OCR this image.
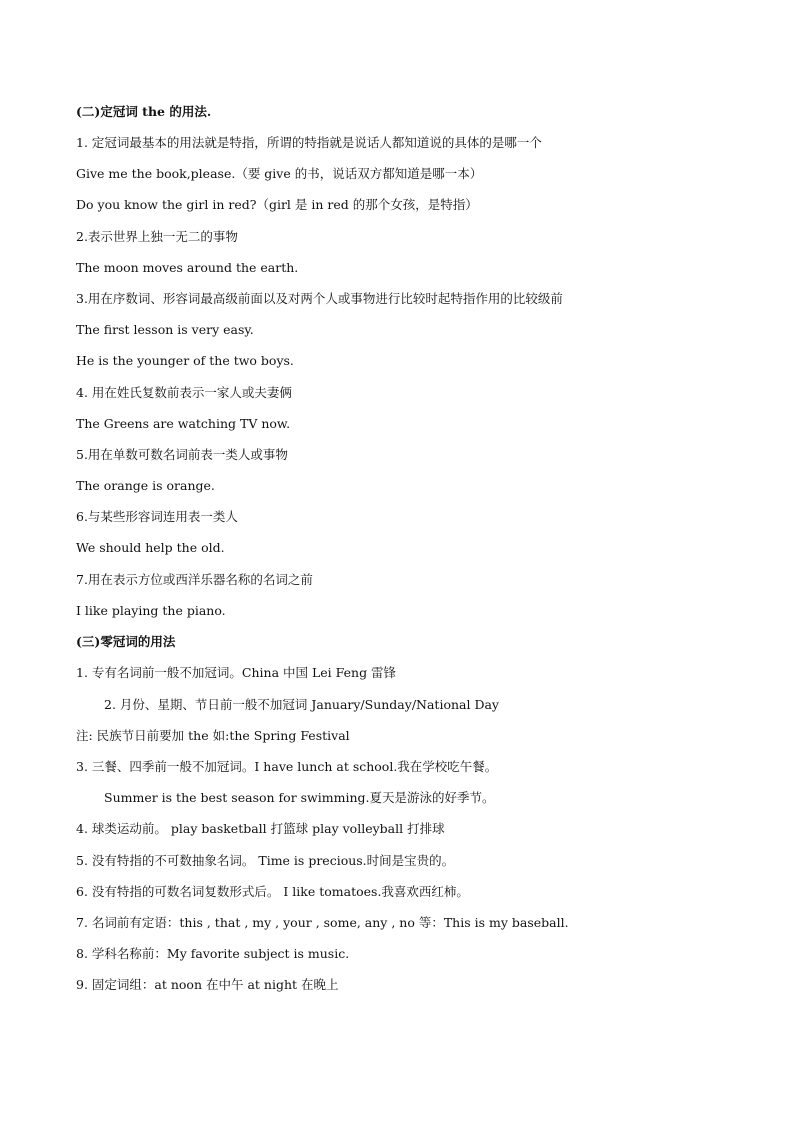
(二)定冠词 the 的用法.
1. 定冠词最基本的用法就是特指，所谓的特指就是说话人都知道说的具体的是哪一个
Give me the book,please.（要 give 的书，说话双方都知道是哪一本）
Do you know the girl in red?（girl 是 in red 的那个女孩，是特指）
2.表示世界上独一无二的事物
The moon moves around the earth.
3.用在序数词、形容词最高级前面以及对两个人或事物进行比较时起特指作用的比较级前
The first lesson is very easy.
He is the younger of the two boys.
4. 用在姓氏复数前表示一家人或夫妻俩
The Greens are watching TV now.
5.用在单数可数名词前表一类人或事物
The orange is orange.
6.与某些形容词连用表一类人
We should help the old.
7.用在表示方位或西洋乐器名称的名词之前
I like playing the piano.
(三)零冠词的用法
1. 专有名词前一般不加冠词。China 中国 Lei Feng 雷锋
2. 月份、星期、节日前一般不加冠词 January/Sunday/National Day
注: 民族节日前要加 the 如:the Spring Festival
3. 三餐、四季前一般不加冠词。I have lunch at school.我在学校吃午餐。
Summer is the best season for swimming.夏天是游泳的好季节。
4. 球类运动前。 play basketball 打篮球 play volleyball 打排球
5. 没有特指的不可数抽象名词。 Time is precious.时间是宝贵的。
6. 没有特指的可数名词复数形式后。 I like tomatoes.我喜欢西红柿。
7. 名词前有定语：this , that , my , your , some, any , no 等：This is my baseball.
8. 学科名称前：My favorite subject is music.
9. 固定词组：at noon 在中午 at night 在晚上
